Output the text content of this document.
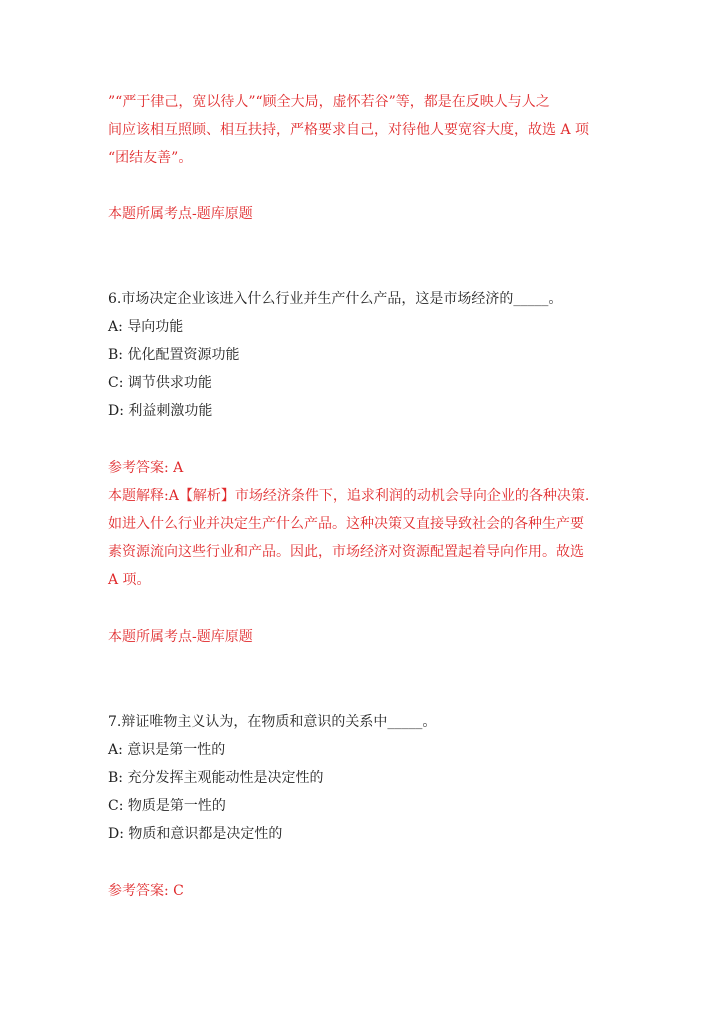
”“严于律己，宽以待人”“顾全大局，虚怀若谷”等，都是在反映人与人之
间应该相互照顾、相互扶持，严格要求自己，对待他人要宽容大度，故选 A 项
“团结友善”。
本题所属考点-题库原题
6.市场决定企业该进入什么行业并生产什么产品，这是市场经济的_____。
A: 导向功能
B: 优化配置资源功能
C: 调节供求功能
D: 利益刺激功能
参考答案: A
本题解释:A【解析】市场经济条件下，追求利润的动机会导向企业的各种决策.
如进入什么行业并决定生产什么产品。这种决策又直接导致社会的各种生产要
素资源流向这些行业和产品。因此，市场经济对资源配置起着导向作用。故选
A 项。
本题所属考点-题库原题
7.辩证唯物主义认为，在物质和意识的关系中_____。
A: 意识是第一性的
B: 充分发挥主观能动性是决定性的
C: 物质是第一性的
D: 物质和意识都是决定性的
参考答案: C
